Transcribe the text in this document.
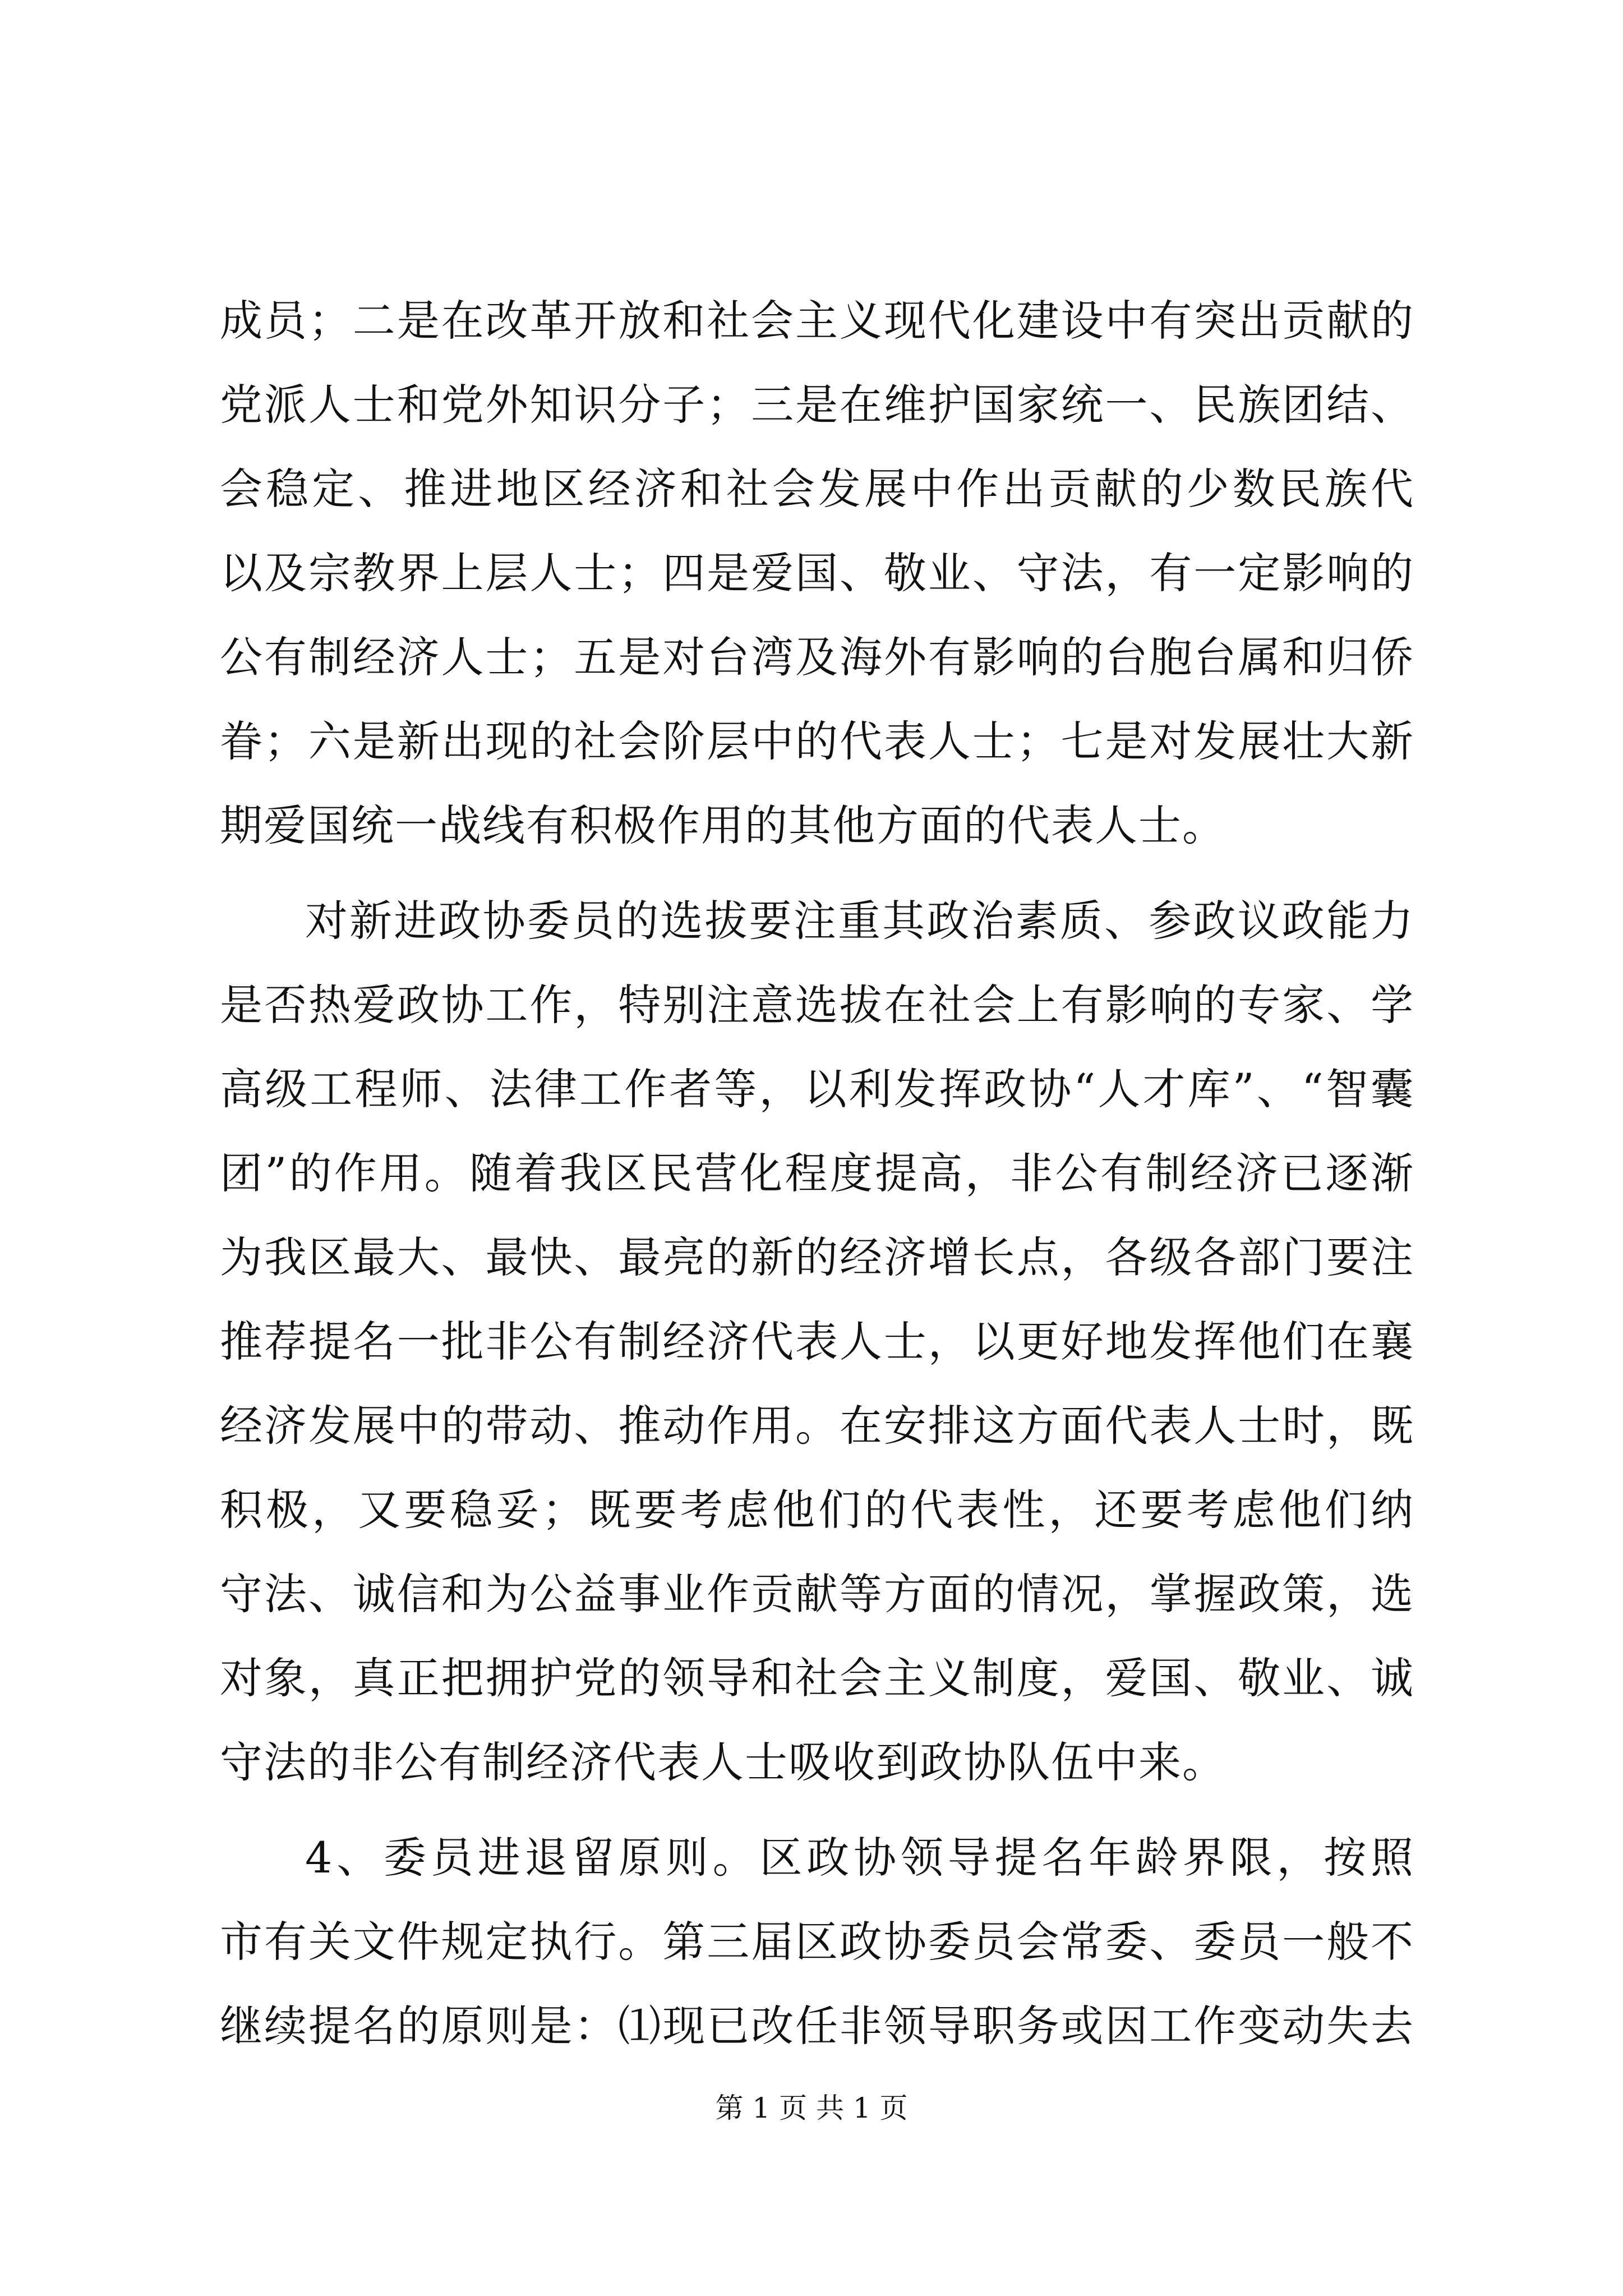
成员；二是在改革开放和社会主义现代化建设中有突出贡献的
党派人士和党外知识分子；三是在维护国家统一、民族团结、
会稳定、推进地区经济和社会发展中作出贡献的少数民族代
以及宗教界上层人士；四是爱国、敬业、守法，有一定影响的
公有制经济人士；五是对台湾及海外有影响的台胞台属和归侨
眷；六是新出现的社会阶层中的代表人士；七是对发展壮大新
期爱国统一战线有积极作用的其他方面的代表人士。
对新进政协委员的选拔要注重其政治素质、参政议政能力
是否热爱政协工作，特别注意选拔在社会上有影响的专家、学
高级工程师、法律工作者等，以利发挥政协“人才库”、“智囊
团”的作用。随着我区民营化程度提高，非公有制经济已逐渐
为我区最大、最快、最亮的新的经济增长点，各级各部门要注
推荐提名一批非公有制经济代表人士，以更好地发挥他们在襄
经济发展中的带动、推动作用。在安排这方面代表人士时，既
积极，又要稳妥；既要考虑他们的代表性，还要考虑他们纳
守法、诚信和为公益事业作贡献等方面的情况，掌握政策，选
对象，真正把拥护党的领导和社会主义制度，爱国、敬业、诚
守法的非公有制经济代表人士吸收到政协队伍中来。
4、委员进退留原则。区政协领导提名年龄界限，按照
市有关文件规定执行。第三届区政协委员会常委、委员一般不
继续提名的原则是：⑴现已改任非领导职务或因工作变动失去
第 1 页 共 1 页
